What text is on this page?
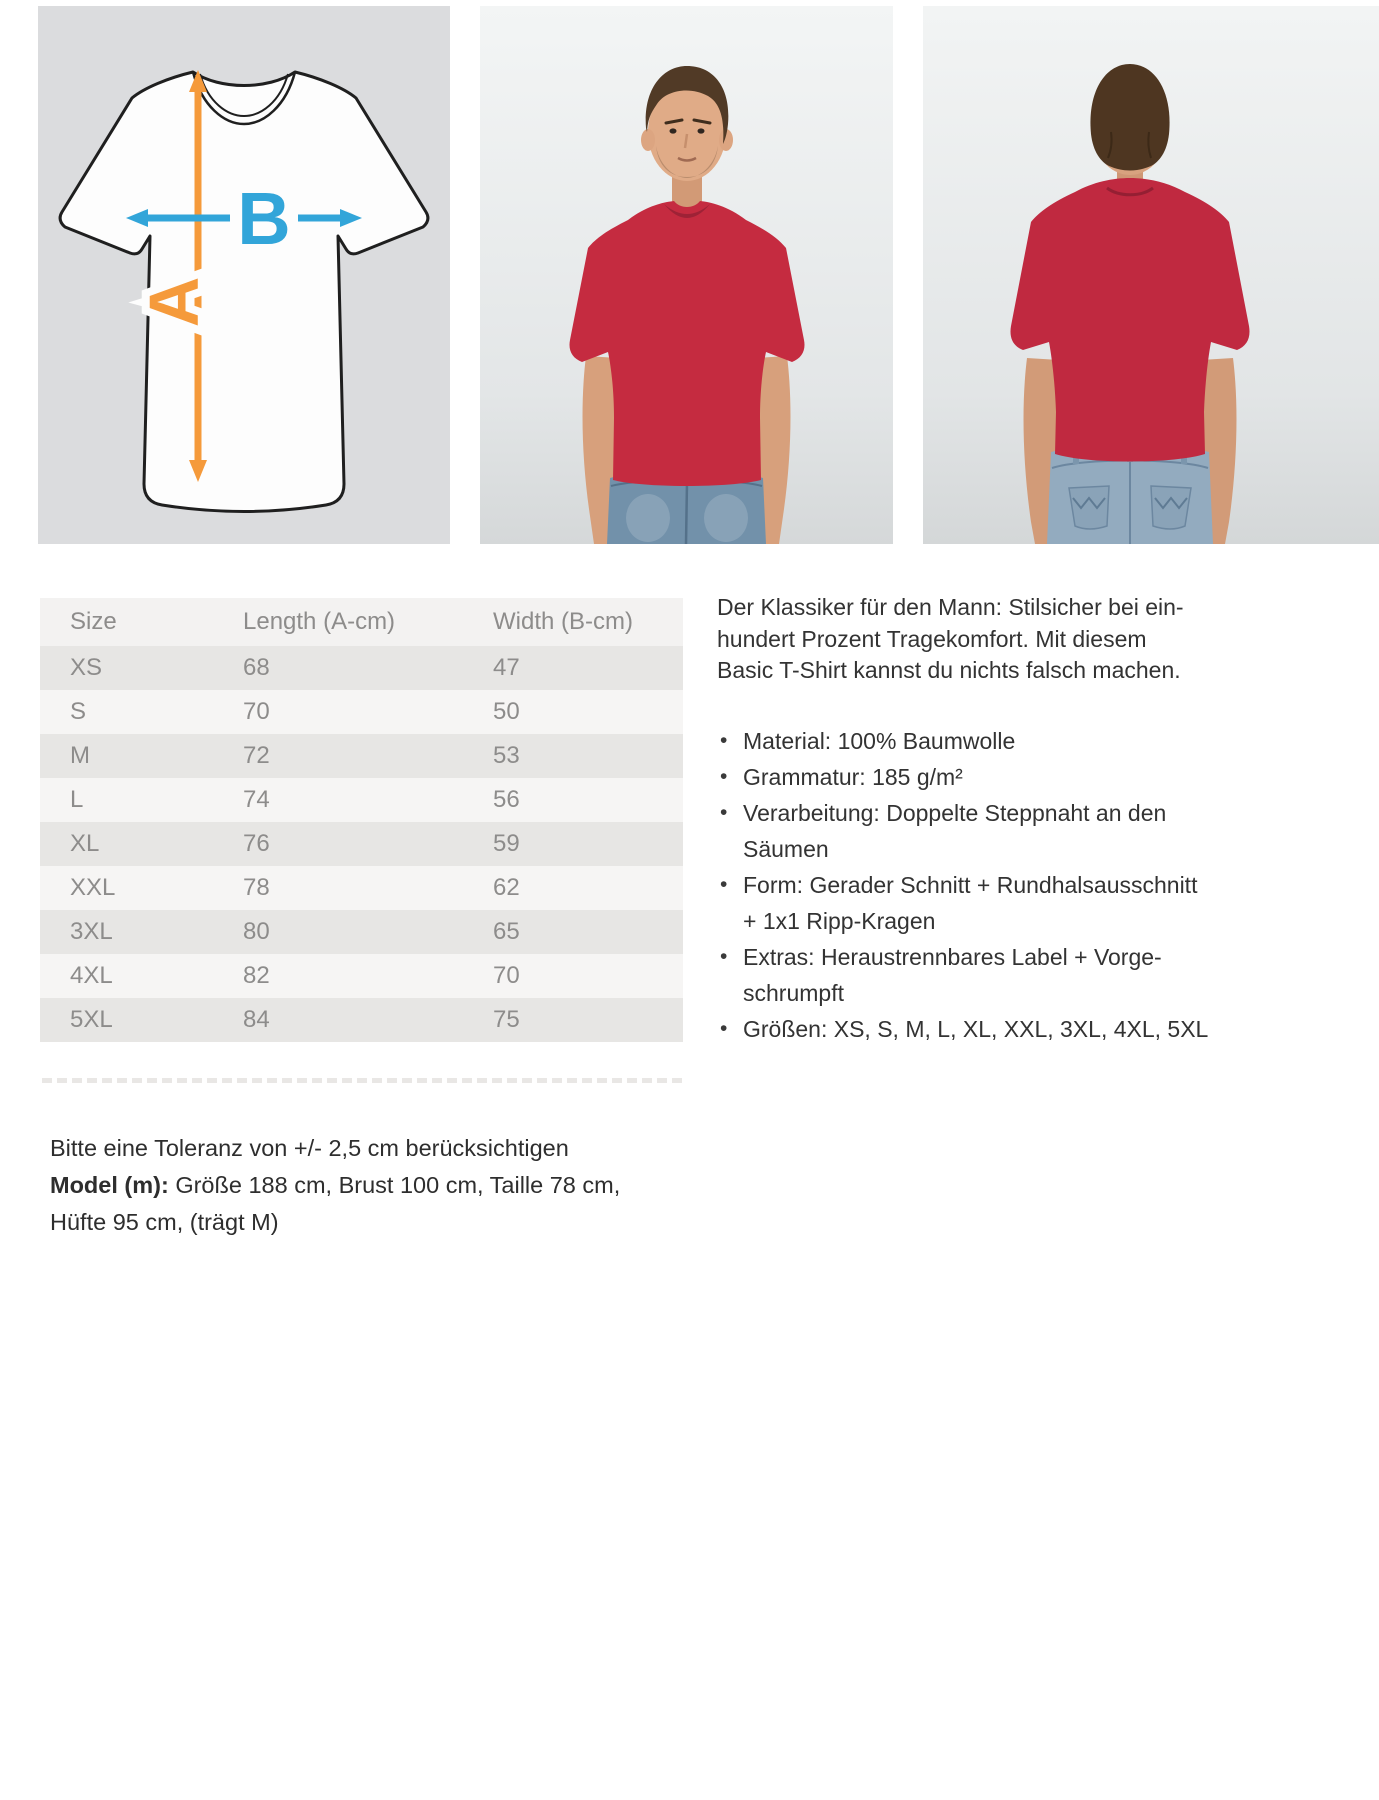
A
B
Size	Length (A-cm)	Width (B-cm)
XS	68	47
S	70	50
M	72	53
L	74	56
XL	76	59
XXL	78	62
3XL	80	65
4XL	82	70
5XL	84	75
Der Klassiker für den Mann: Stilsicher bei ein-
hundert Prozent Tragekomfort. Mit diesem
Basic T-Shirt kannst du nichts falsch machen.
• Material: 100% Baumwolle
• Grammatur: 185 g/m²
• Verarbeitung: Doppelte Steppnaht an den
Säumen
• Form: Gerader Schnitt + Rundhalsausschnitt
+ 1x1 Ripp-Kragen
• Extras: Heraustrennbares Label + Vorge-
schrumpft
• Größen: XS, S, M, L, XL, XXL, 3XL, 4XL, 5XL
Bitte eine Toleranz von +/- 2,5 cm berücksichtigen
Model (m): Größe 188 cm, Brust 100 cm, Taille 78 cm, Hüfte 95 cm, (trägt M)
